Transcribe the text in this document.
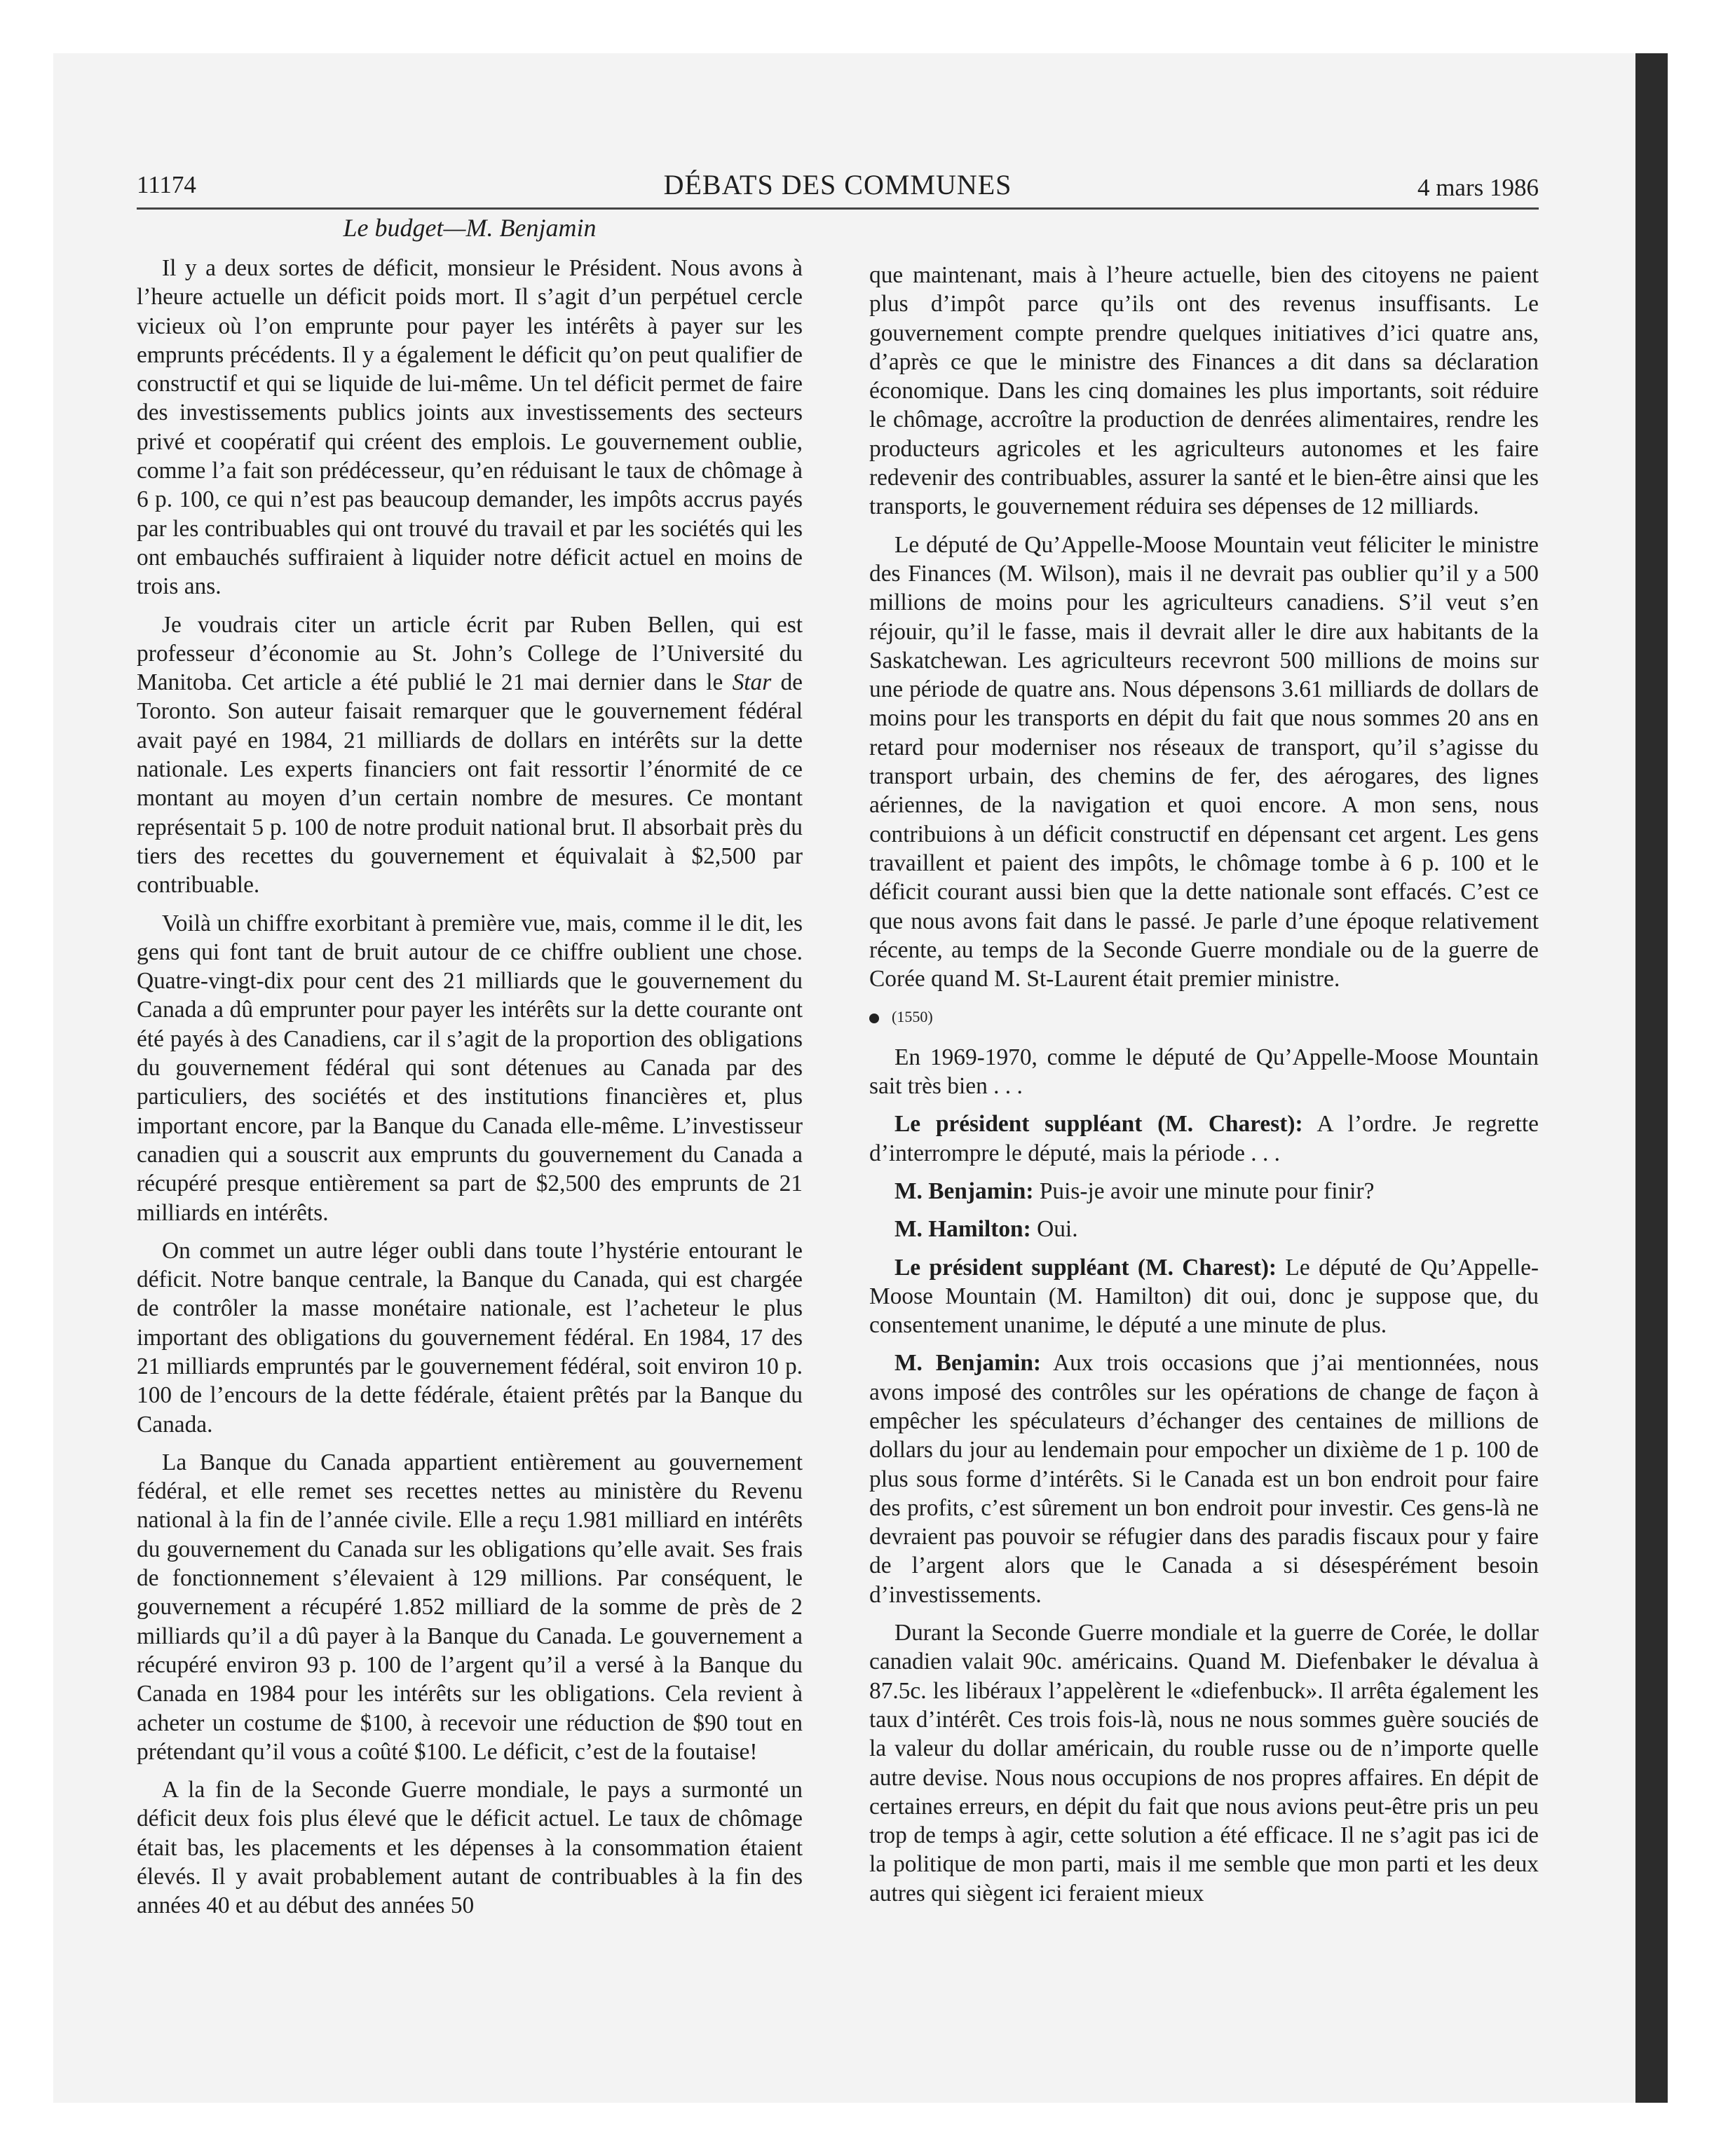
11174	DÉBATS DES COMMUNES	4 mars 1986
Le budget—M. Benjamin

Il y a deux sortes de déficit, monsieur le Président. Nous avons à l’heure actuelle un déficit poids mort. Il s’agit d’un perpétuel cercle vicieux où l’on emprunte pour payer les intérêts à payer sur les emprunts précédents. Il y a également le déficit qu’on peut qualifier de constructif et qui se liquide de lui-même. Un tel déficit permet de faire des investissements publics joints aux investissements des secteurs privé et coopératif qui créent des emplois. Le gouvernement oublie, comme l’a fait son prédécesseur, qu’en réduisant le taux de chômage à 6 p. 100, ce qui n’est pas beaucoup demander, les impôts accrus payés par les contribuables qui ont trouvé du travail et par les sociétés qui les ont embauchés suffiraient à liquider notre déficit actuel en moins de trois ans.

Je voudrais citer un article écrit par Ruben Bellen, qui est professeur d’économie au St. John’s College de l’Université du Manitoba. Cet article a été publié le 21 mai dernier dans le Star de Toronto. Son auteur faisait remarquer que le gouvernement fédéral avait payé en 1984, 21 milliards de dollars en intérêts sur la dette nationale. Les experts financiers ont fait ressortir l’énormité de ce montant au moyen d’un certain nombre de mesures. Ce montant représentait 5 p. 100 de notre produit national brut. Il absorbait près du tiers des recettes du gouvernement et équivalait à $2,500 par contribuable.

Voilà un chiffre exorbitant à première vue, mais, comme il le dit, les gens qui font tant de bruit autour de ce chiffre oublient une chose. Quatre-vingt-dix pour cent des 21 milliards que le gouvernement du Canada a dû emprunter pour payer les intérêts sur la dette courante ont été payés à des Canadiens, car il s’agit de la proportion des obligations du gouvernement fédéral qui sont détenues au Canada par des particuliers, des sociétés et des institutions financières et, plus important encore, par la Banque du Canada elle-même. L’investisseur canadien qui a souscrit aux emprunts du gouvernement du Canada a récupéré presque entièrement sa part de $2,500 des emprunts de 21 milliards en intérêts.

On commet un autre léger oubli dans toute l’hystérie entourant le déficit. Notre banque centrale, la Banque du Canada, qui est chargée de contrôler la masse monétaire nationale, est l’acheteur le plus important des obligations du gouvernement fédéral. En 1984, 17 des 21 milliards empruntés par le gouvernement fédéral, soit environ 10 p. 100 de l’encours de la dette fédérale, étaient prêtés par la Banque du Canada.

La Banque du Canada appartient entièrement au gouvernement fédéral, et elle remet ses recettes nettes au ministère du Revenu national à la fin de l’année civile. Elle a reçu 1.981 milliard en intérêts du gouvernement du Canada sur les obligations qu’elle avait. Ses frais de fonctionnement s’élevaient à 129 millions. Par conséquent, le gouvernement a récupéré 1.852 milliard de la somme de près de 2 milliards qu’il a dû payer à la Banque du Canada. Le gouvernement a récupéré environ 93 p. 100 de l’argent qu’il a versé à la Banque du Canada en 1984 pour les intérêts sur les obligations. Cela revient à acheter un costume de $100, à recevoir une réduction de $90 tout en prétendant qu’il vous a coûté $100. Le déficit, c’est de la foutaise!

A la fin de la Seconde Guerre mondiale, le pays a surmonté un déficit deux fois plus élevé que le déficit actuel. Le taux de chômage était bas, les placements et les dépenses à la consommation étaient élevés. Il y avait probablement autant de contribuables à la fin des années 40 et au début des années 50

que maintenant, mais à l’heure actuelle, bien des citoyens ne paient plus d’impôt parce qu’ils ont des revenus insuffisants. Le gouvernement compte prendre quelques initiatives d’ici quatre ans, d’après ce que le ministre des Finances a dit dans sa déclaration économique. Dans les cinq domaines les plus importants, soit réduire le chômage, accroître la production de denrées alimentaires, rendre les producteurs agricoles et les agriculteurs autonomes et les faire redevenir des contribuables, assurer la santé et le bien-être ainsi que les transports, le gouvernement réduira ses dépenses de 12 milliards.

Le député de Qu’Appelle-Moose Mountain veut féliciter le ministre des Finances (M. Wilson), mais il ne devrait pas oublier qu’il y a 500 millions de moins pour les agriculteurs canadiens. S’il veut s’en réjouir, qu’il le fasse, mais il devrait aller le dire aux habitants de la Saskatchewan. Les agriculteurs recevront 500 millions de moins sur une période de quatre ans. Nous dépensons 3.61 milliards de dollars de moins pour les transports en dépit du fait que nous sommes 20 ans en retard pour moderniser nos réseaux de transport, qu’il s’agisse du transport urbain, des chemins de fer, des aérogares, des lignes aériennes, de la navigation et quoi encore. A mon sens, nous contribuions à un déficit constructif en dépensant cet argent. Les gens travaillent et paient des impôts, le chômage tombe à 6 p. 100 et le déficit courant aussi bien que la dette nationale sont effacés. C’est ce que nous avons fait dans le passé. Je parle d’une époque relativement récente, au temps de la Seconde Guerre mondiale ou de la guerre de Corée quand M. St-Laurent était premier ministre.

(1550)

En 1969-1970, comme le député de Qu’Appelle-Moose Mountain sait très bien . . .

Le président suppléant (M. Charest): A l’ordre. Je regrette d’interrompre le député, mais la période . . .

M. Benjamin: Puis-je avoir une minute pour finir?

M. Hamilton: Oui.

Le président suppléant (M. Charest): Le député de Qu’Appelle-Moose Mountain (M. Hamilton) dit oui, donc je suppose que, du consentement unanime, le député a une minute de plus.

M. Benjamin: Aux trois occasions que j’ai mentionnées, nous avons imposé des contrôles sur les opérations de change de façon à empêcher les spéculateurs d’échanger des centaines de millions de dollars du jour au lendemain pour empocher un dixième de 1 p. 100 de plus sous forme d’intérêts. Si le Canada est un bon endroit pour faire des profits, c’est sûrement un bon endroit pour investir. Ces gens-là ne devraient pas pouvoir se réfugier dans des paradis fiscaux pour y faire de l’argent alors que le Canada a si désespérément besoin d’investissements.

Durant la Seconde Guerre mondiale et la guerre de Corée, le dollar canadien valait 90c. américains. Quand M. Diefenbaker le dévalua à 87.5c. les libéraux l’appelèrent le «diefenbuck». Il arrêta également les taux d’intérêt. Ces trois fois-là, nous ne nous sommes guère souciés de la valeur du dollar américain, du rouble russe ou de n’importe quelle autre devise. Nous nous occupions de nos propres affaires. En dépit de certaines erreurs, en dépit du fait que nous avions peut-être pris un peu trop de temps à agir, cette solution a été efficace. Il ne s’agit pas ici de la politique de mon parti, mais il me semble que mon parti et les deux autres qui siègent ici feraient mieux
